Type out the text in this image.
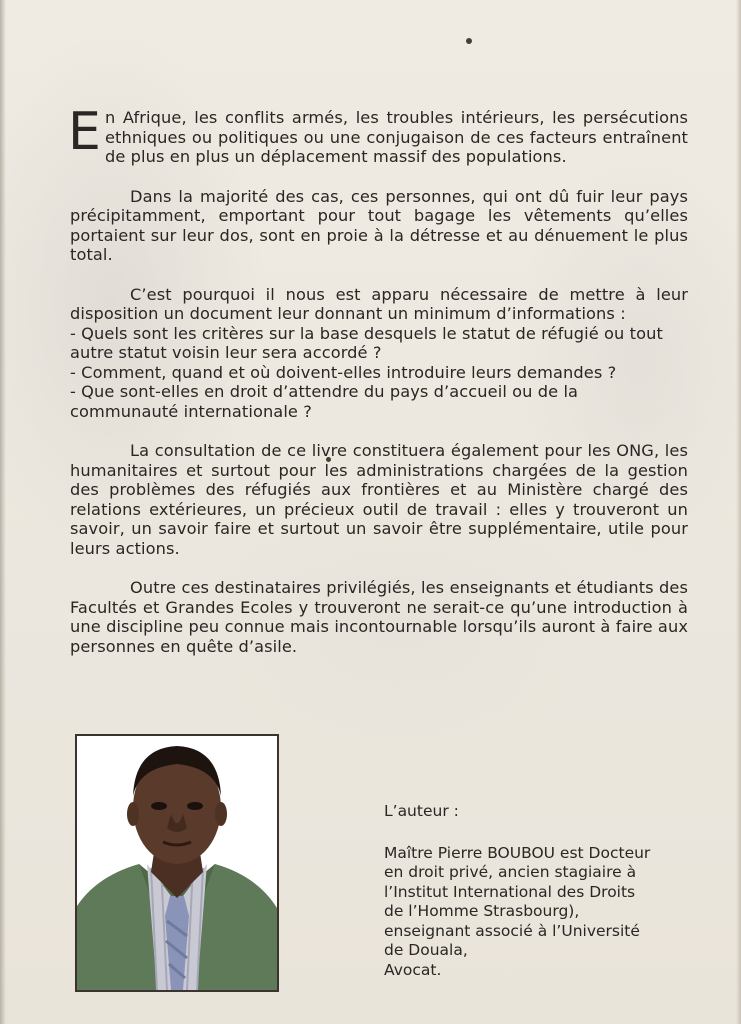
En Afrique, les conflits armés, les troubles intérieurs, les persécutions ethniques ou politiques ou une conjugaison de ces facteurs entraînent de plus en plus un déplacement massif des populations.

Dans la majorité des cas, ces personnes, qui ont dû fuir leur pays précipitamment, emportant pour tout bagage les vêtements qu’elles portaient sur leur dos, sont en proie à la détresse et au dénuement le plus total.

C’est pourquoi il nous est apparu nécessaire de mettre à leur disposition un document leur donnant un minimum d’informations :

- Quels sont les critères sur la base desquels le statut de réfugié ou tout autre statut voisin leur sera accordé ?

- Comment, quand et où doivent-elles introduire leurs demandes ?

- Que sont-elles en droit d’attendre du pays d’accueil ou de la communauté internationale ?

La consultation de ce livre constituera également pour les ONG, les humanitaires et surtout pour les administrations chargées de la gestion des problèmes des réfugiés aux frontières et au Ministère chargé des relations extérieures, un précieux outil de travail : elles y trouveront un savoir, un savoir faire et surtout un savoir être supplémentaire, utile pour leurs actions.

Outre ces destinataires privilégiés, les enseignants et étudiants des Facultés et Grandes Ecoles y trouveront ne serait-ce qu’une introduction à une discipline peu connue mais incontournable lorsqu’ils auront à faire aux personnes en quête d’asile.

L’auteur :

Maître Pierre BOUBOU est Docteur

en droit privé, ancien stagiaire à

l’Institut International des Droits

de l’Homme Strasbourg),

enseignant associé à l’Université

de Douala,

Avocat.
